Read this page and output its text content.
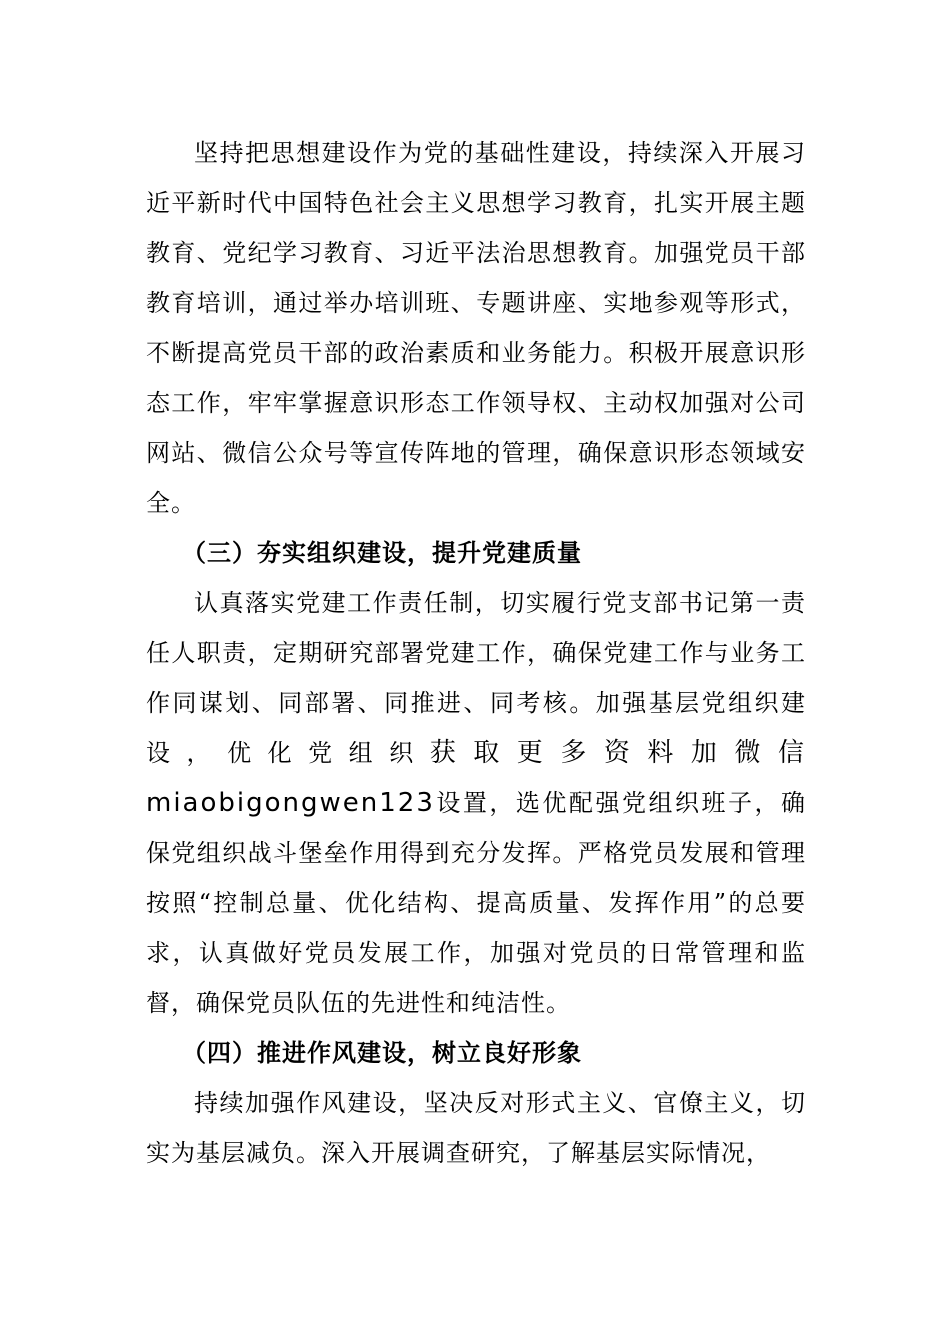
坚持把思想建设作为党的基础性建设，持续深入开展习近平新时代中国特色社会主义思想学习教育，扎实开展主题教育、党纪学习教育、习近平法治思想教育。加强党员干部教育培训，通过举办培训班、专题讲座、实地参观等形式，不断提高党员干部的政治素质和业务能力。积极开展意识形态工作，牢牢掌握意识形态工作领导权、主动权加强对公司网站、微信公众号等宣传阵地的管理，确保意识形态领域安全。

（三）夯实组织建设，提升党建质量

认真落实党建工作责任制，切实履行党支部书记第一责任人职责，定期研究部署党建工作，确保党建工作与业务工作同谋划、同部署、同推进、同考核。加强基层党组织建设，优化党组织获取更多资料加微信miaobigongwen123设置，选优配强党组织班子，确保党组织战斗堡垒作用得到充分发挥。严格党员发展和管理按照“控制总量、优化结构、提高质量、发挥作用”的总要求，认真做好党员发展工作，加强对党员的日常管理和监督，确保党员队伍的先进性和纯洁性。

（四）推进作风建设，树立良好形象

持续加强作风建设，坚决反对形式主义、官僚主义，切实为基层减负。深入开展调查研究，了解基层实际情况，
